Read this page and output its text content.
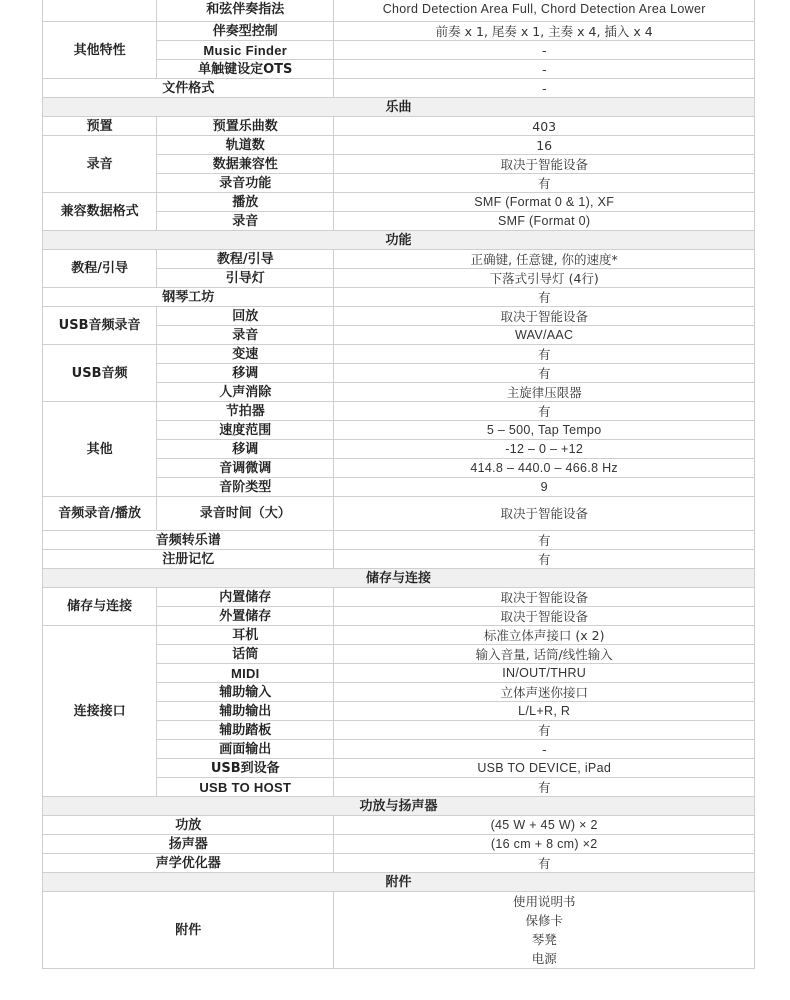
	和弦伴奏指法	Chord Detection Area Full, Chord Detection Area Lower
其他特性	伴奏型控制	前奏 x 1, 尾奏 x 1, 主奏 x 4, 插入 x 4
	Music Finder	-
	单触键设定OTS	-
文件格式		-
乐曲		
预置	预置乐曲数	403
录音	轨道数	16
	数据兼容性	取决于智能设备
	录音功能	有
兼容数据格式	播放	SMF (Format 0 & 1), XF
	录音	SMF (Format 0)
功能		
教程/引导	教程/引导	正确键, 任意键, 你的速度*
	引导灯	下落式引导灯 (4行)
钢琴工坊		有
USB音频录音	回放	取决于智能设备
	录音	WAV/AAC
USB音频	变速	有
	移调	有
	人声消除	主旋律压限器
其他	节拍器	有
	速度范围	5 – 500, Tap Tempo
	移调	-12 – 0 – +12
	音调微调	414.8 – 440.0 – 466.8 Hz
	音阶类型	9
音频录音/播放	录音时间（大）	取决于智能设备
音频转乐谱		有
注册记忆		有
储存与连接		
储存与连接	内置储存	取决于智能设备
	外置储存	取决于智能设备
连接接口	耳机	标准立体声接口 (x 2)
	话筒	输入音量, 话筒/线性输入
	MIDI	IN/OUT/THRU
	辅助输入	立体声迷你接口
	辅助输出	L/L+R, R
	辅助踏板	有
	画面输出	-
	USB到设备	USB TO DEVICE, iPad
	USB TO HOST	有
功放与扬声器		
功放		(45 W + 45 W) × 2
扬声器		(16 cm + 8 cm) ×2
声学优化器		有
附件		
附件		使用说明书
保修卡
琴凳
电源
